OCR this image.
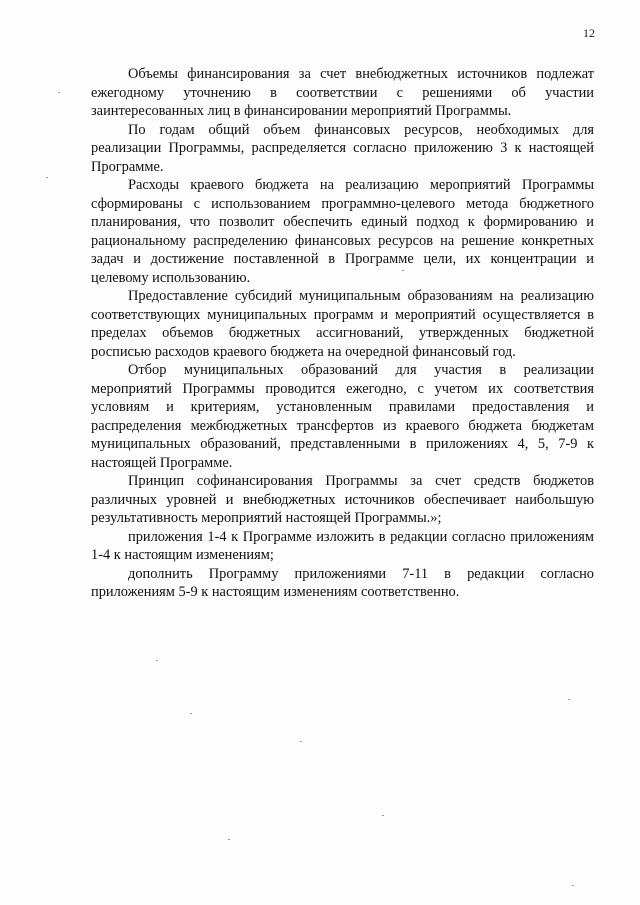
12

Объемы финансирования за счет внебюджетных источников подлежат ежегодному уточнению в соответствии с решениями об участии заинтересованных лиц в финансировании мероприятий Программы.

По годам общий объем финансовых ресурсов, необходимых для реализации Программы, распределяется согласно приложению 3 к настоящей Программе.

Расходы краевого бюджета на реализацию мероприятий Программы сформированы с использованием программно-целевого метода бюджетного планирования, что позволит обеспечить единый подход к формированию и рациональному распределению финансовых ресурсов на решение конкретных задач и достижение поставленной в Программе цели, их концентрации и целевому использованию.

Предоставление субсидий муниципальным образованиям на реализацию соответствующих муниципальных программ и мероприятий осуществляется в пределах объемов бюджетных ассигнований, утвержденных бюджетной росписью расходов краевого бюджета на очередной финансовый год.

Отбор муниципальных образований для участия в реализации мероприятий Программы проводится ежегодно, с учетом их соответствия условиям и критериям, установленным правилами предоставления и распределения межбюджетных трансфертов из краевого бюджета бюджетам муниципальных образований, представленными в приложениях 4, 5, 7-9 к настоящей Программе.

Принцип софинансирования Программы за счет средств бюджетов различных уровней и внебюджетных источников обеспечивает наибольшую результативность мероприятий настоящей Программы.»;

приложения 1-4 к Программе изложить в редакции согласно приложениям 1-4 к настоящим изменениям;

дополнить Программу приложениями 7-11 в редакции согласно приложениям 5-9 к настоящим изменениям соответственно.
